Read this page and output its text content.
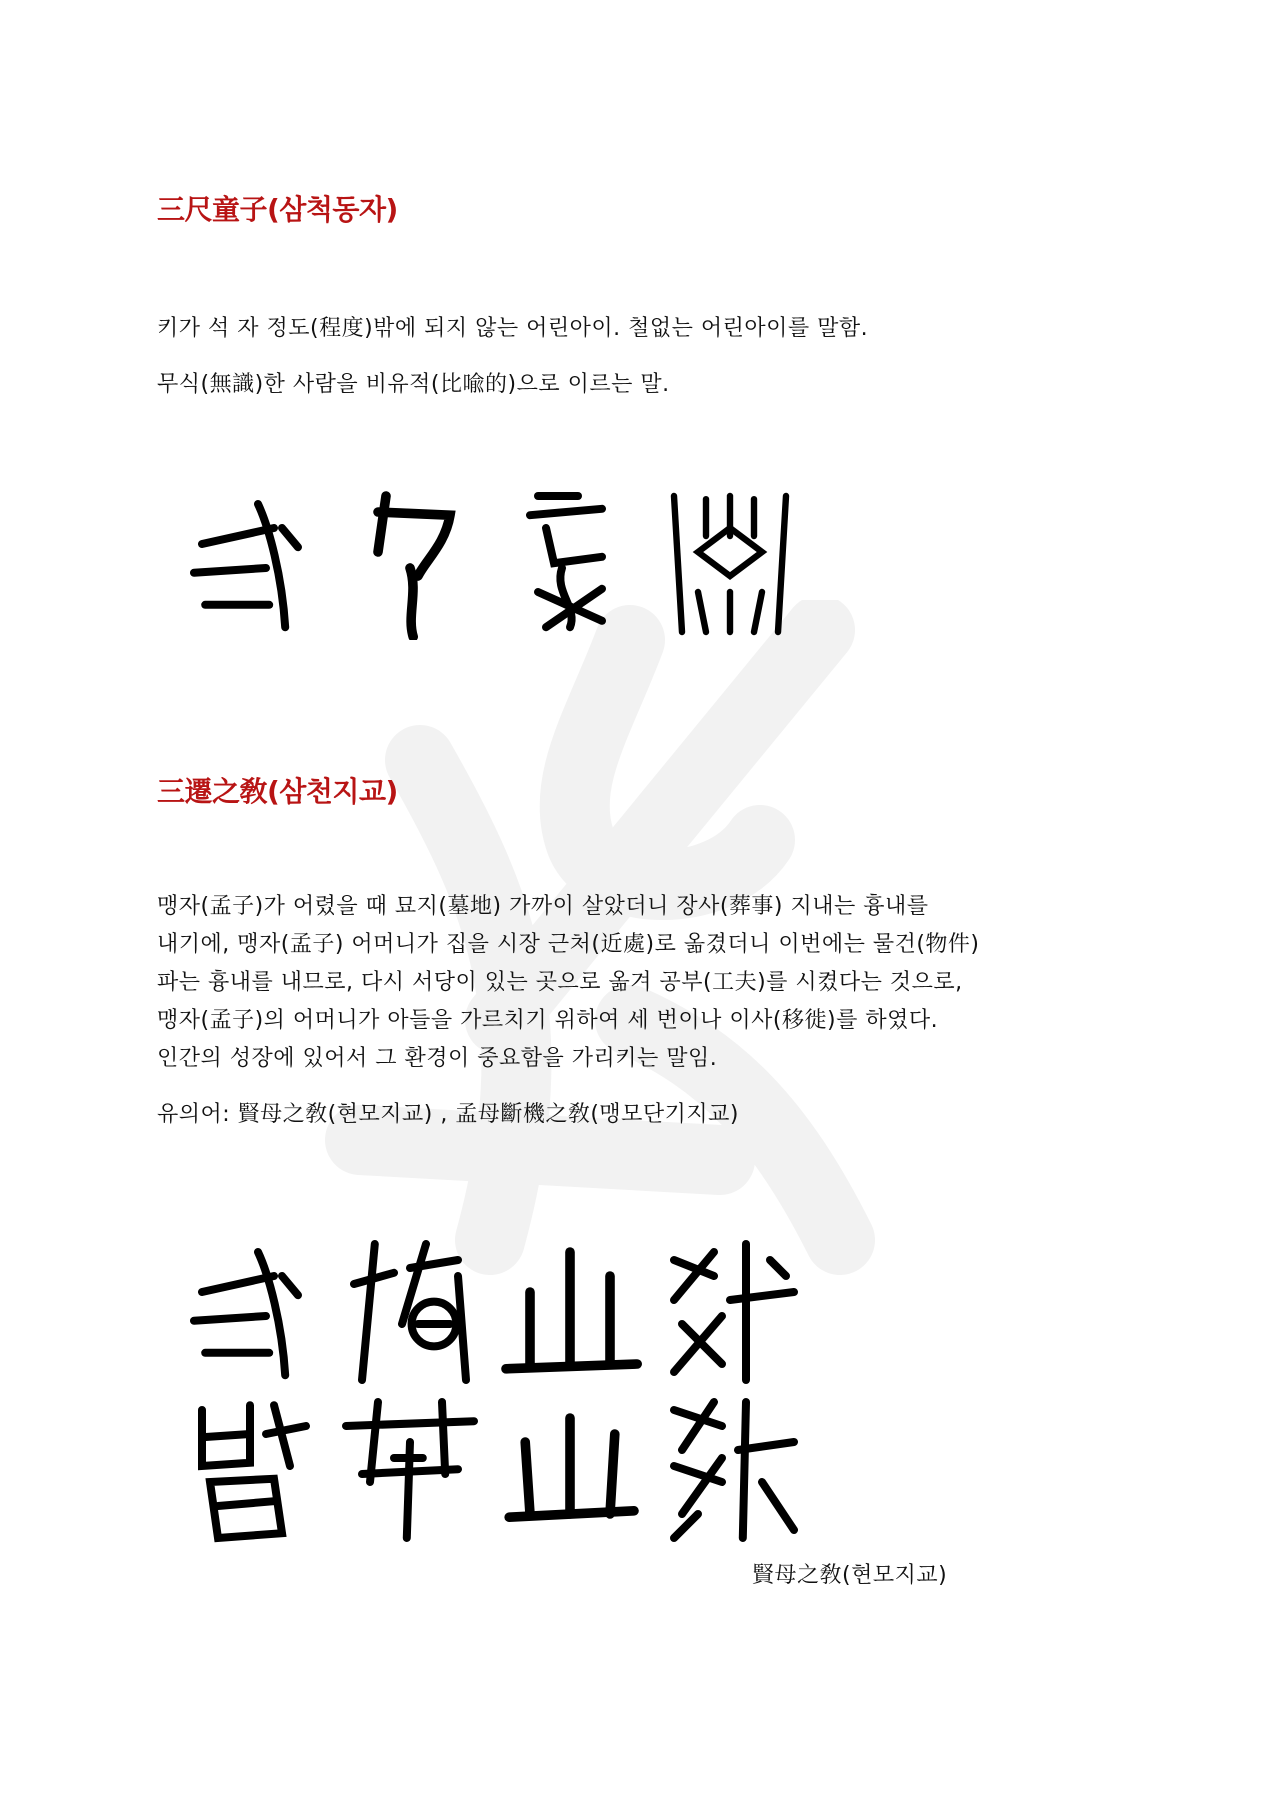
三尺童子(삼척동자)

키가 석 자 정도(程度)밖에 되지 않는 어린아이. 철없는 어린아이를 말함.

무식(無識)한 사람을 비유적(比喩的)으로 이르는 말.

三遷之敎(삼천지교)

맹자(孟子)가 어렸을 때 묘지(墓地) 가까이 살았더니 장사(葬事) 지내는 흉내를

내기에, 맹자(孟子) 어머니가 집을 시장 근처(近處)로 옮겼더니 이번에는 물건(物件)

파는 흉내를 내므로, 다시 서당이 있는 곳으로 옮겨 공부(工夫)를 시켰다는 것으로,

맹자(孟子)의 어머니가 아들을 가르치기 위하여 세 번이나 이사(移徙)를 하였다.

인간의 성장에 있어서 그 환경이 중요함을 가리키는 말임.

유의어: 賢母之敎(현모지교) , 孟母斷機之敎(맹모단기지교)

賢母之敎(현모지교)
